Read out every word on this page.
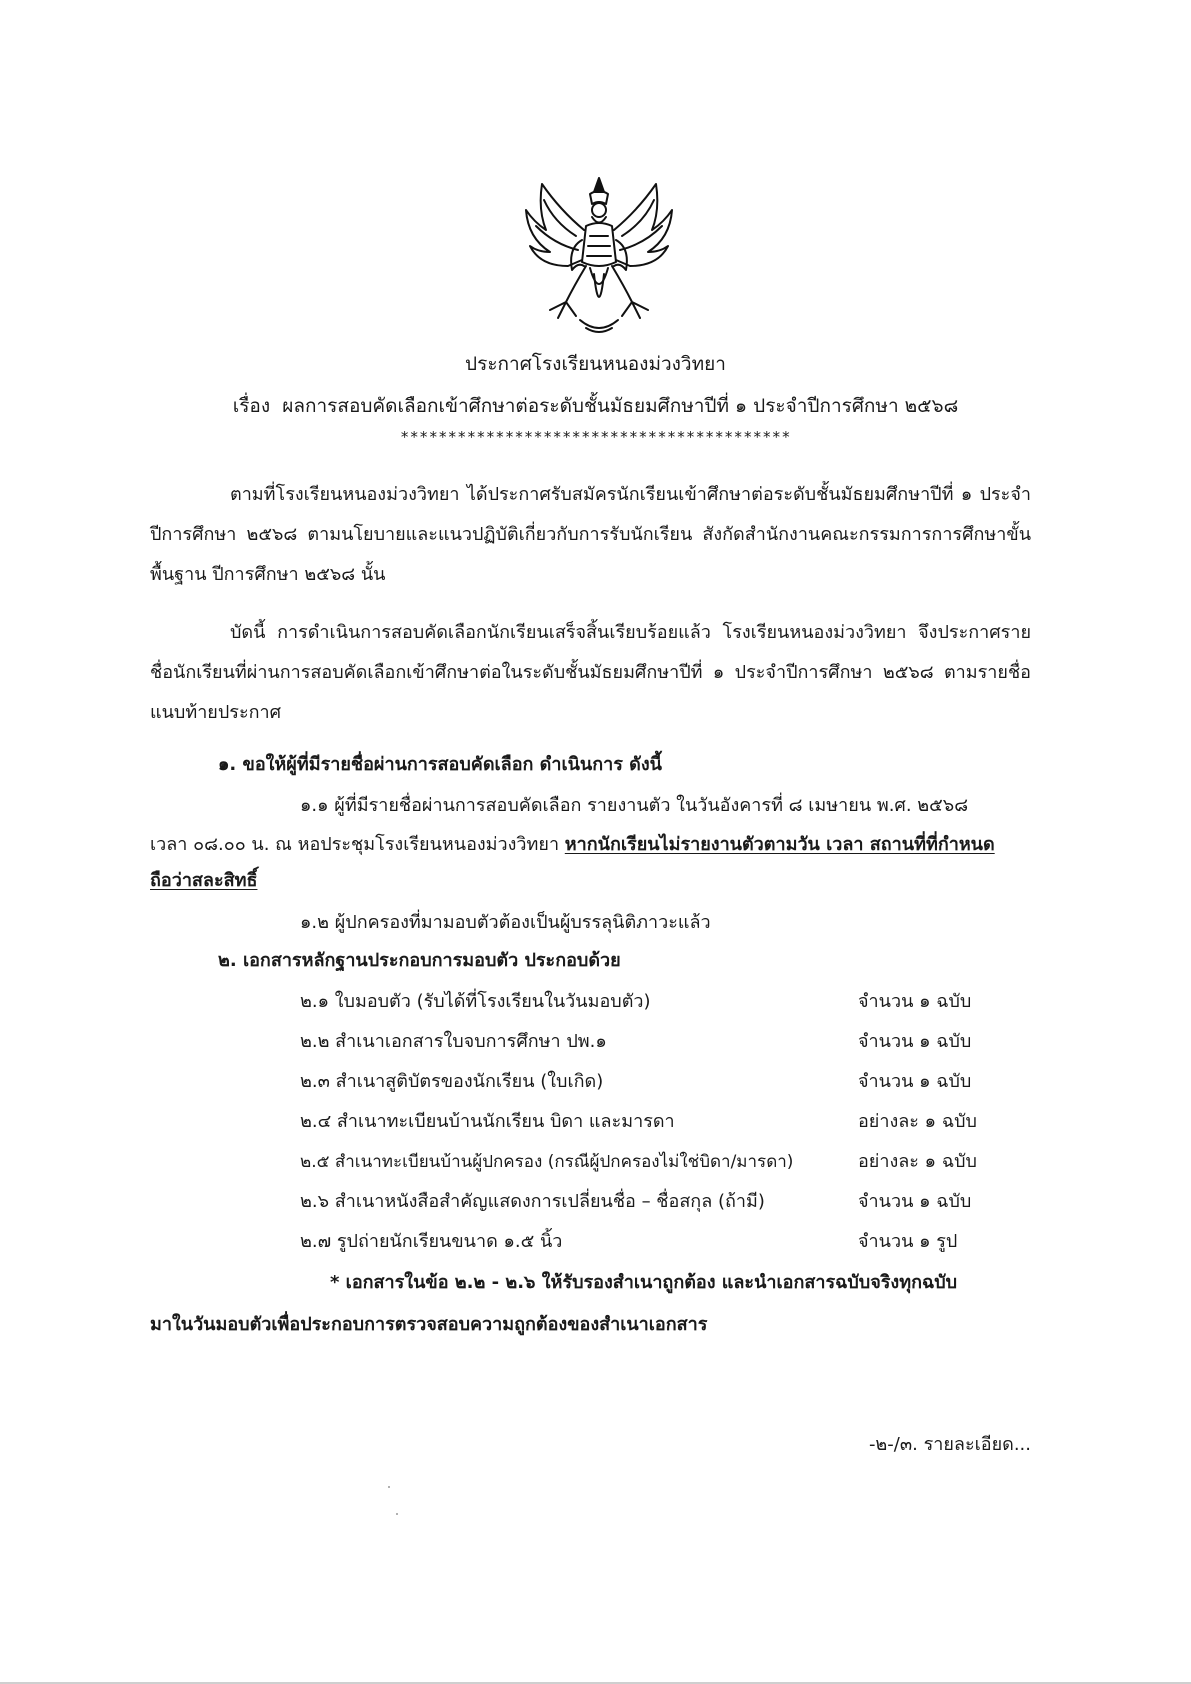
ประกาศโรงเรียนหนองม่วงวิทยา
เรื่อง ผลการสอบคัดเลือกเข้าศึกษาต่อระดับชั้นมัธยมศึกษาปีที่ ๑ ประจำปีการศึกษา ๒๕๖๘
*****************************************
ตามที่โรงเรียนหนองม่วงวิทยา ได้ประกาศรับสมัครนักเรียนเข้าศึกษาต่อระดับชั้นมัธยมศึกษาปีที่ ๑ ประจำปีการศึกษา ๒๕๖๘ ตามนโยบายและแนวปฏิบัติเกี่ยวกับการรับนักเรียน สังกัดสำนักงานคณะกรรมการการศึกษาขั้นพื้นฐาน ปีการศึกษา ๒๕๖๘ นั้น
บัดนี้ การดำเนินการสอบคัดเลือกนักเรียนเสร็จสิ้นเรียบร้อยแล้ว โรงเรียนหนองม่วงวิทยา จึงประกาศรายชื่อนักเรียนที่ผ่านการสอบคัดเลือกเข้าศึกษาต่อในระดับชั้นมัธยมศึกษาปีที่ ๑ ประจำปีการศึกษา ๒๕๖๘ ตามรายชื่อแนบท้ายประกาศ
๑. ขอให้ผู้ที่มีรายชื่อผ่านการสอบคัดเลือก ดำเนินการ ดังนี้
๑.๑ ผู้ที่มีรายชื่อผ่านการสอบคัดเลือก รายงานตัว ในวันอังคารที่ ๘ เมษายน พ.ศ. ๒๕๖๘
เวลา ๐๘.๐๐ น. ณ หอประชุมโรงเรียนหนองม่วงวิทยา หากนักเรียนไม่รายงานตัวตามวัน เวลา สถานที่ที่กำหนด
ถือว่าสละสิทธิ์
๑.๒ ผู้ปกครองที่มามอบตัวต้องเป็นผู้บรรลุนิติภาวะแล้ว
๒. เอกสารหลักฐานประกอบการมอบตัว ประกอบด้วย
๒.๑ ใบมอบตัว (รับได้ที่โรงเรียนในวันมอบตัว)	จำนวน ๑ ฉบับ
๒.๒ สำเนาเอกสารใบจบการศึกษา ปพ.๑	จำนวน ๑ ฉบับ
๒.๓ สำเนาสูติบัตรของนักเรียน (ใบเกิด)	จำนวน ๑ ฉบับ
๒.๔ สำเนาทะเบียนบ้านนักเรียน บิดา และมารดา	อย่างละ ๑ ฉบับ
๒.๕ สำเนาทะเบียนบ้านผู้ปกครอง (กรณีผู้ปกครองไม่ใช่บิดา/มารดา)	อย่างละ ๑ ฉบับ
๒.๖ สำเนาหนังสือสำคัญแสดงการเปลี่ยนชื่อ – ชื่อสกุล (ถ้ามี)	จำนวน ๑ ฉบับ
๒.๗ รูปถ่ายนักเรียนขนาด ๑.๕ นิ้ว	จำนวน ๑ รูป
* เอกสารในข้อ ๒.๒ - ๒.๖ ให้รับรองสำเนาถูกต้อง และนำเอกสารฉบับจริงทุกฉบับ
มาในวันมอบตัวเพื่อประกอบการตรวจสอบความถูกต้องของสำเนาเอกสาร
-๒-/๓. รายละเอียด...
